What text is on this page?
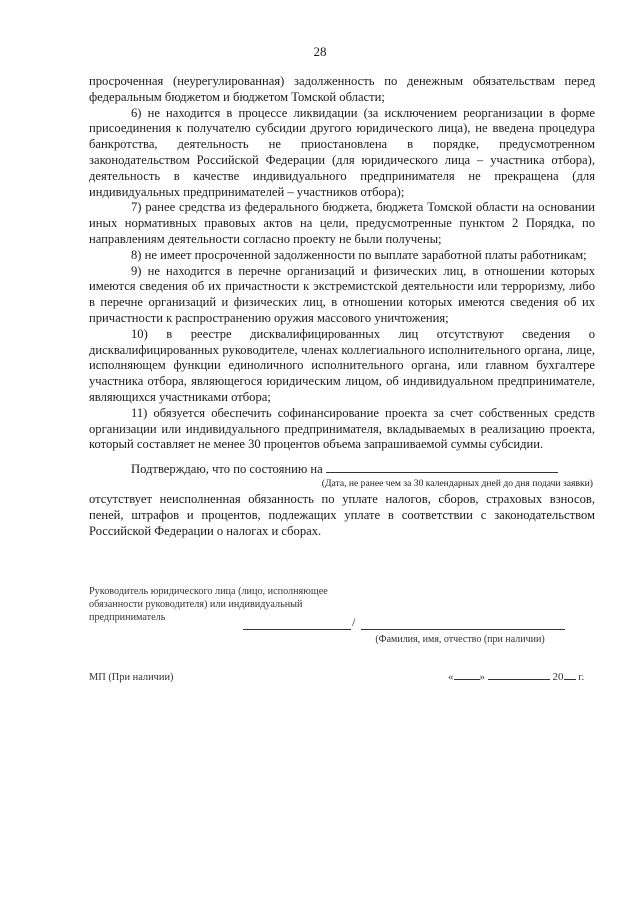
28

просроченная (неурегулированная) задолженность по денежным обязательствам перед федеральным бюджетом и бюджетом Томской области;

6) не находится в процессе ликвидации (за исключением реорганизации в форме присоединения к получателю субсидии другого юридического лица), не введена процедура банкротства, деятельность не приостановлена в порядке, предусмотренном законодательством Российской Федерации (для юридического лица – участника отбора), деятельность в качестве индивидуального предпринимателя не прекращена (для индивидуальных предпринимателей – участников отбора);

7) ранее средства из федерального бюджета, бюджета Томской области на основании иных нормативных правовых актов на цели, предусмотренные пунктом 2 Порядка, по направлениям деятельности согласно проекту не были получены;

8) не имеет просроченной задолженности по выплате заработной платы работникам;

9) не находится в перечне организаций и физических лиц, в отношении которых имеются сведения об их причастности к экстремистской деятельности или терроризму, либо в перечне организаций и физических лиц, в отношении которых имеются сведения об их причастности к распространению оружия массового уничтожения;

10) в реестре дисквалифицированных лиц отсутствуют сведения о дисквалифицированных руководителе, членах коллегиального исполнительного органа, лице, исполняющем функции единоличного исполнительного органа, или главном бухгалтере участника отбора, являющегося юридическим лицом, об индивидуальном предпринимателе, являющихся участниками отбора;

11) обязуется обеспечить софинансирование проекта за счет собственных средств организации или индивидуального предпринимателя, вкладываемых в реализацию проекта, который составляет не менее 30 процентов объема запрашиваемой суммы субсидии.

Подтверждаю, что по состоянию на

(Дата, не ранее чем за 30 календарных дней до дня подачи заявки)

отсутствует неисполненная обязанность по уплате налогов, сборов, страховых взносов, пеней, штрафов и процентов, подлежащих уплате в соответствии с законодательством Российской Федерации о налогах и сборах.

Руководитель юридического лица (лицо, исполняющее обязанности руководителя) или индивидуальный предприниматель	/
(Фамилия, имя, отчество (при наличии)
МП (При наличии)	« »	20 г.
